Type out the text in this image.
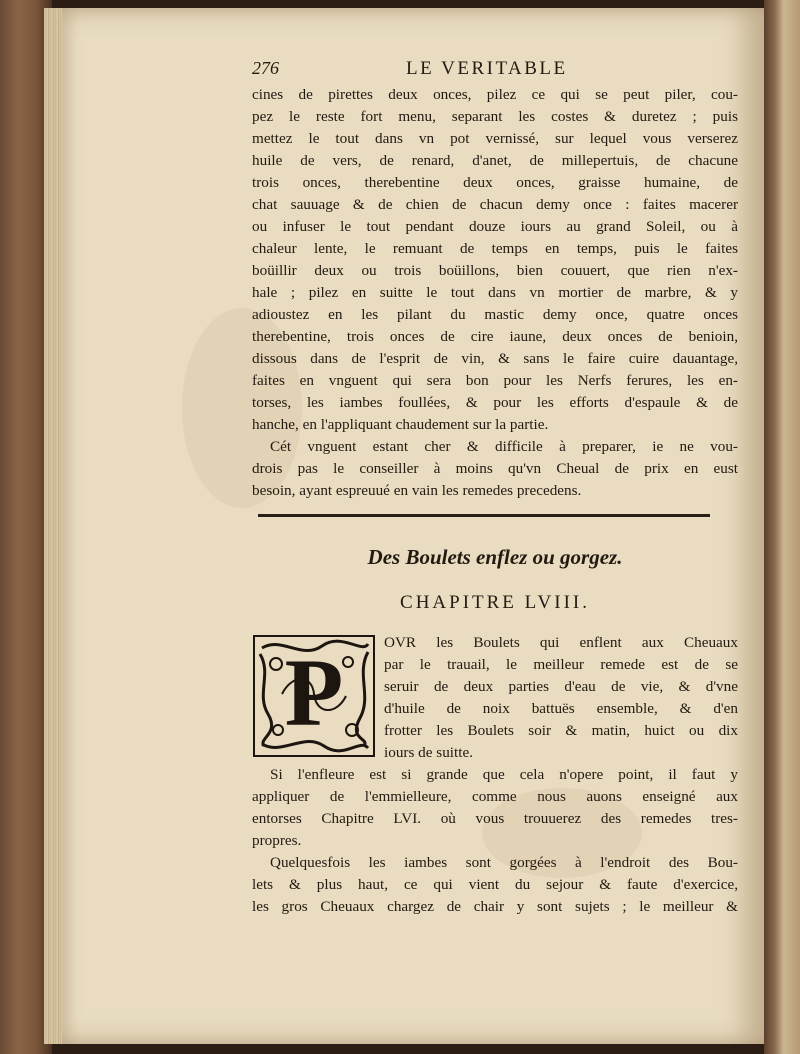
276	LE VERITABLE

cines de pirettes deux onces, pilez ce qui se peut piler, cou-
pez le reste fort menu, separant les costes & duretez ; puis
mettez le tout dans vn pot vernissé, sur lequel vous verserez
huile de vers, de renard, d'anet, de millepertuis, de chacune
trois onces, therebentine deux onces, graisse humaine, de
chat sauuage & de chien de chacun demy once : faites macerer
ou infuser le tout pendant douze iours au grand Soleil, ou à
chaleur lente, le remuant de temps en temps, puis le faites
boüillir deux ou trois boüillons, bien couuert, que rien n'ex-
hale ; pilez en suitte le tout dans vn mortier de marbre, & y
adioustez en les pilant du mastic demy once, quatre onces
therebentine, trois onces de cire iaune, deux onces de benioin,
dissous dans de l'esprit de vin, & sans le faire cuire dauantage,
faites en vnguent qui sera bon pour les Nerfs ferures, les en-
torses, les iambes foullées, & pour les efforts d'espaule & de
hanche, en l'appliquant chaudement sur la partie.

Cét vnguent estant cher & difficile à preparer, ie ne vou-
drois pas le conseiller à moins qu'vn Cheual de prix en eust
besoin, ayant espreuué en vain les remedes precedens.

Des Boulets enflez ou gorgez.
CHAPITRE LVIII.
P	OVR les Boulets qui enflent aux Cheuaux
par le trauail, le meilleur remede est de se
seruir de deux parties d'eau de vie, & d'vne
d'huile de noix battuës ensemble, & d'en
frotter les Boulets soir & matin, huict ou dix
iours de suitte.

Si l'enfleure est si grande que cela n'opere point, il faut y
appliquer de l'emmielleure, comme nous auons enseigné aux
entorses Chapitre LVI. où vous trouuerez des remedes tres-
propres.

Quelquesfois les iambes sont gorgées à l'endroit des Bou-
lets & plus haut, ce qui vient du sejour & faute d'exercice,
les gros Cheuaux chargez de chair y sont sujets ; le meilleur &
